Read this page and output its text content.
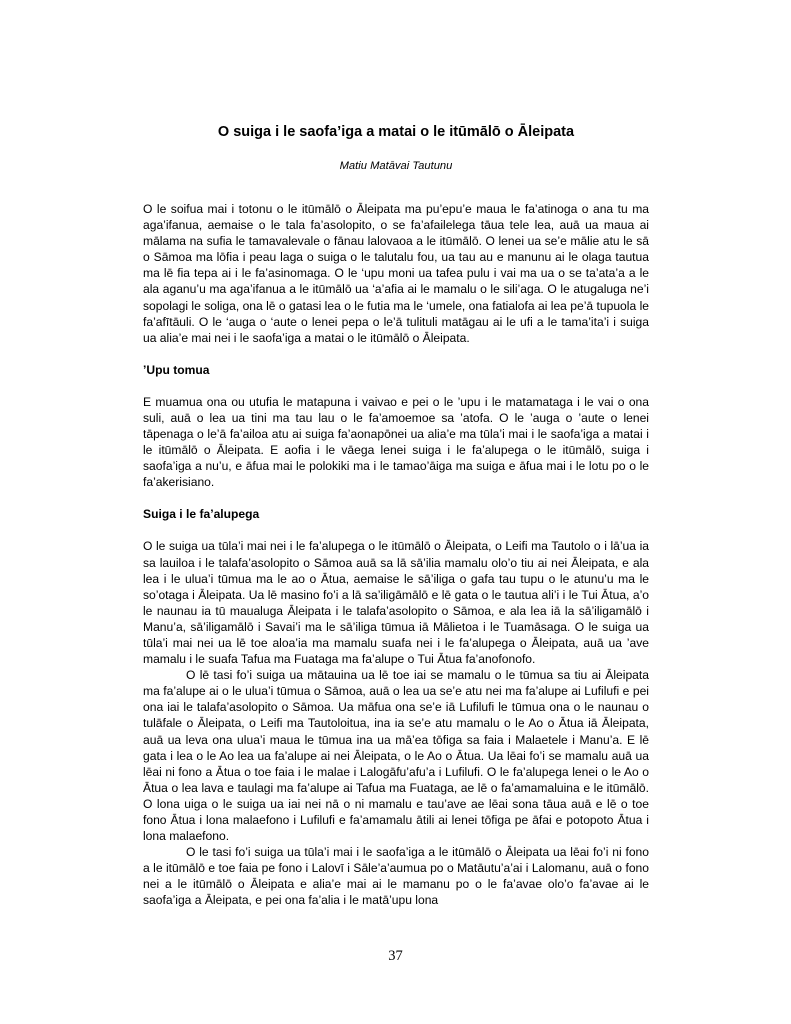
O suiga i le saofa’iga a matai o le itūmālō o Āleipata
Matiu Matāvai Tautunu

O le soifua mai i totonu o le itūmālō o Āleipata ma pu’epu’e maua le fa’atinoga o ana tu ma aga’ifanua, aemaise o le tala fa’asolopito, o se fa’afailelega tāua tele lea, auā ua maua ai mālama na sufia le tamavalevale o fānau lalovaoa a le itūmālō. O lenei ua se’e mālie atu le sā o Sāmoa ma lōfia i peau laga o suiga o le talutalu fou, ua tau au e manunu ai le olaga tautua ma lē fia tepa ai i le fa’asinomaga. O le ‘upu moni ua tafea pulu i vai ma ua o se ta’ata’a a le ala aganu’u ma aga’ifanua a le itūmālō ua ‘a’afia ai le mamalu o le sili’aga. O le atugaluga ne’i sopolagi le soliga, ona lē o gatasi lea o le futia ma le ‘umele, ona fatialofa ai lea pe’ā tupuola le fa’afītāuli. O le ‘auga o ‘aute o lenei pepa o le’ā tulituli matāgau ai le ufi a le tama’ita’i i suiga ua alia’e mai nei i le saofa’iga a matai o le itūmālō o Āleipata.

’Upu tomua

E muamua ona ou utufia le matapuna i vaivao e pei o le ’upu i le matamataga i le vai o ona suli, auā o lea ua tini ma tau lau o le fa’amoemoe sa ’atofa. O le ’auga o ’aute o lenei tāpenaga o le’ā fa’ailoa atu ai suiga fa’aonapōnei ua alia’e ma tūla’i mai i le saofa’iga a matai i le itūmālō o Āleipata. E aofia i le vāega lenei suiga i le fa’alupega o le itūmālō, suiga i saofa’iga a nu’u, e āfua mai le polokiki ma i le tamao’āiga ma suiga e āfua mai i le lotu po o le fa’akerisiano.

Suiga i le fa’alupega

O le suiga ua tūla’i mai nei i le fa’alupega o le itūmālō o Āleipata, o Leifi ma Tautolo o i lā’ua ia sa lauiloa i le talafa’asolopito o Sāmoa auā sa lā sā’ilia mamalu olo’o tiu ai nei Āleipata, e ala lea i le ulua’i tūmua ma le ao o Ātua, aemaise le sā’iliga o gafa tau tupu o le atunu’u ma le so’otaga i Āleipata. Ua lē masino fo’i a lā sa’iligāmālō e lē gata o le tautua ali’i i le Tui Ātua, a’o le naunau ia tū maualuga Āleipata i le talafa’asolopito o Sāmoa, e ala lea iā la sā’iligamālō i Manu’a, sā’iligamālō i Savai’i ma le sā’iliga tūmua iā Mālietoa i le Tuamāsaga. O le suiga ua tūla’i mai nei ua lē toe aloa’ia ma mamalu suafa nei i le fa’alupega o Āleipata, auā ua ’ave mamalu i le suafa Tafua ma Fuataga ma fa’alupe o Tui Ātua fa’anofonofo.

O lē tasi fo’i suiga ua mātauina ua lē toe iai se mamalu o le tūmua sa tiu ai Āleipata ma fa’alupe ai o le ulua’i tūmua o Sāmoa, auā o lea ua se’e atu nei ma fa’alupe ai Lufilufi e pei ona iai le talafa’asolopito o Sāmoa. Ua māfua ona se’e iā Lufilufi le tūmua ona o le naunau o tulāfale o Āleipata, o Leifi ma Tautoloitua, ina ia se’e atu mamalu o le Ao o Ātua iā Āleipata, auā ua leva ona ulua’i maua le tūmua ina ua mā’ea tōfiga sa faia i Malaetele i Manu’a. E lē gata i lea o le Ao lea ua fa’alupe ai nei Āleipata, o le Ao o Ātua. Ua lēai fo’i se mamalu auā ua lēai ni fono a Ātua o toe faia i le malae i Lalogāfu’afu’a i Lufilufi. O le fa’alupega lenei o le Ao o Ātua o lea lava e taulagi ma fa’alupe ai Tafua ma Fuataga, ae lē o fa’amamaluina e le itūmālō. O lona uiga o le suiga ua iai nei nā o ni mamalu e tau’ave ae lēai sona tāua auā e lē o toe fono Ātua i lona malaefono i Lufilufi e fa’amamalu ātili ai lenei tōfiga pe āfai e potopoto Ātua i lona malaefono.

O le tasi fo’i suiga ua tūla’i mai i le saofa’iga a le itūmālō o Āleipata ua lēai fo’i ni fono a le itūmālō e toe faia pe fono i Lalovī i Sāle’a’aumua po o Matāutu’a’ai i Lalomanu, auā o fono nei a le itūmālō o Āleipata e alia’e mai ai le mamanu po o le fa’avae olo’o fa’avae ai le saofa’iga a Āleipata, e pei ona fa’alia i le matā’upu lona

37
